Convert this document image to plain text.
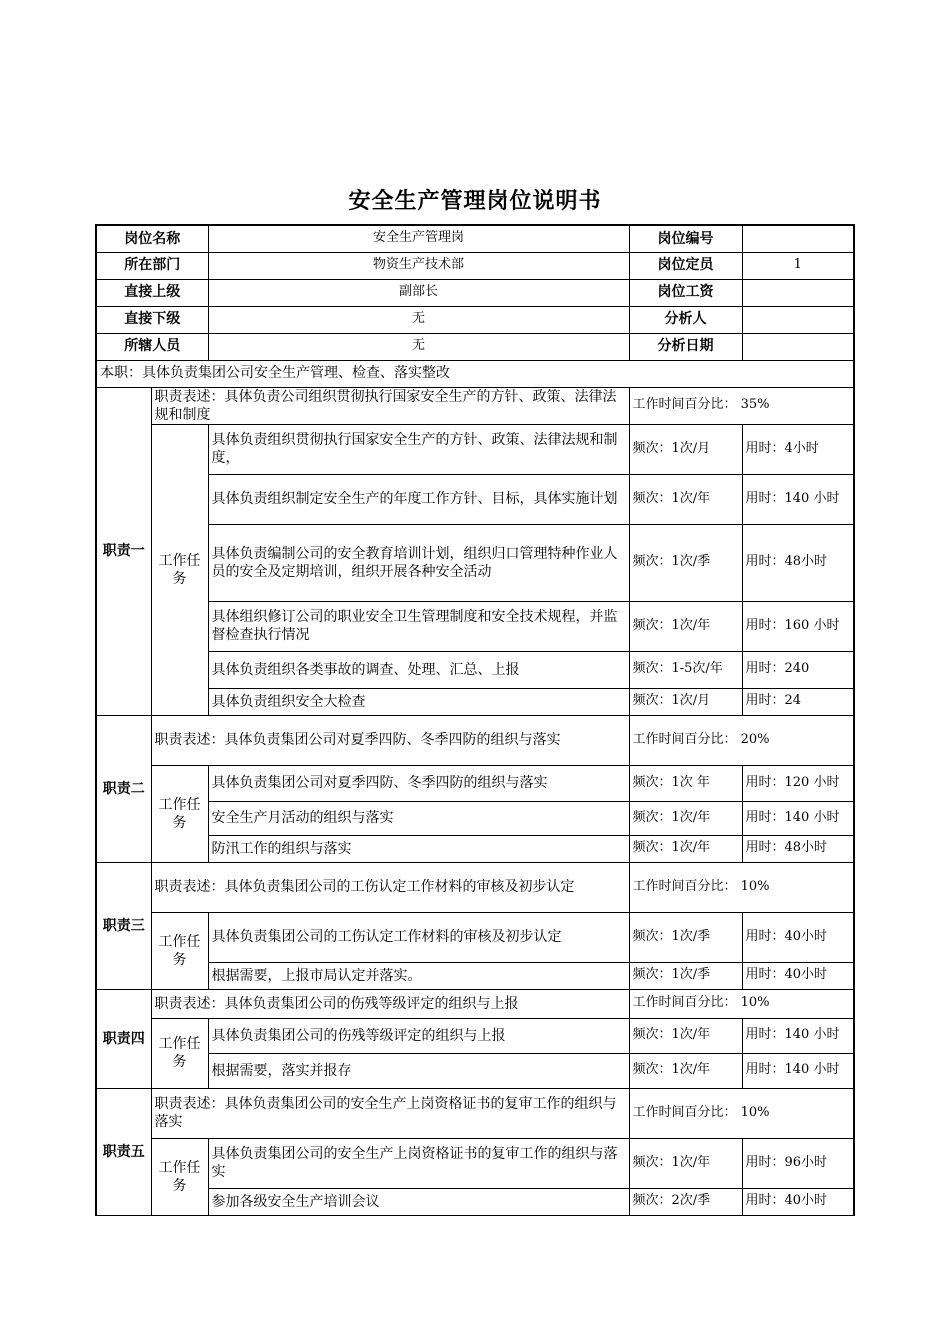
安全生产管理岗位说明书
岗位名称		安全生产管理岗	岗位编号	
所在部门		物资生产技术部	岗位定员	1
直接上级		副部长	岗位工资	
直接下级		无	分析人	
所辖人员		无	分析日期	
本职：具体负责集团公司安全生产管理、检查、落实整改				
职责一	职责表述：具体负责公司组织贯彻执行国家安全生产的方针、政策、法律法规和制度		工作时间百分比： 35%	
	工作任务	具体负责组织贯彻执行国家安全生产的方针、政策、法律法规和制度，	频次：1次/月	用时：4小时
		具体负责组织制定安全生产的年度工作方针、目标，具体实施计划	频次：1次/年	用时：140 小时
		具体负责编制公司的安全教育培训计划，组织归口管理特种作业人员的安全及定期培训，组织开展各种安全活动	频次：1次/季	用时：48小时
		具体组织修订公司的职业安全卫生管理制度和安全技术规程，并监督检查执行情况	频次：1次/年	用时：160 小时
		具体负责组织各类事故的调查、处理、汇总、上报	频次：1-5次/年	用时：240
		具体负责组织安全大检查	频次：1次/月	用时：24
职责二	职责表述：具体负责集团公司对夏季四防、冬季四防的组织与落实		工作时间百分比： 20%	
	工作任务	具体负责集团公司对夏季四防、冬季四防的组织与落实	频次：1次 年	用时：120 小时
		安全生产月活动的组织与落实	频次：1次/年	用时：140 小时
		防汛工作的组织与落实	频次：1次/年	用时：48小时
职责三	职责表述：具体负责集团公司的工伤认定工作材料的审核及初步认定		工作时间百分比： 10%	
	工作任务	具体负责集团公司的工伤认定工作材料的审核及初步认定	频次：1次/季	用时：40小时
		根据需要，上报市局认定并落实。	频次：1次/季	用时：40小时
职责四	职责表述：具体负责集团公司的伤残等级评定的组织与上报		工作时间百分比： 10%	
	工作任务	具体负责集团公司的伤残等级评定的组织与上报	频次：1次/年	用时：140 小时
		根据需要，落实并报存	频次：1次/年	用时：140 小时
职责五	职责表述：具体负责集团公司的安全生产上岗资格证书的复审工作的组织与落实		工作时间百分比： 10%	
	工作任务	具体负责集团公司的安全生产上岗资格证书的复审工作的组织与落实	频次：1次/年	用时：96小时
		参加各级安全生产培训会议	频次：2次/季	用时：40小时
